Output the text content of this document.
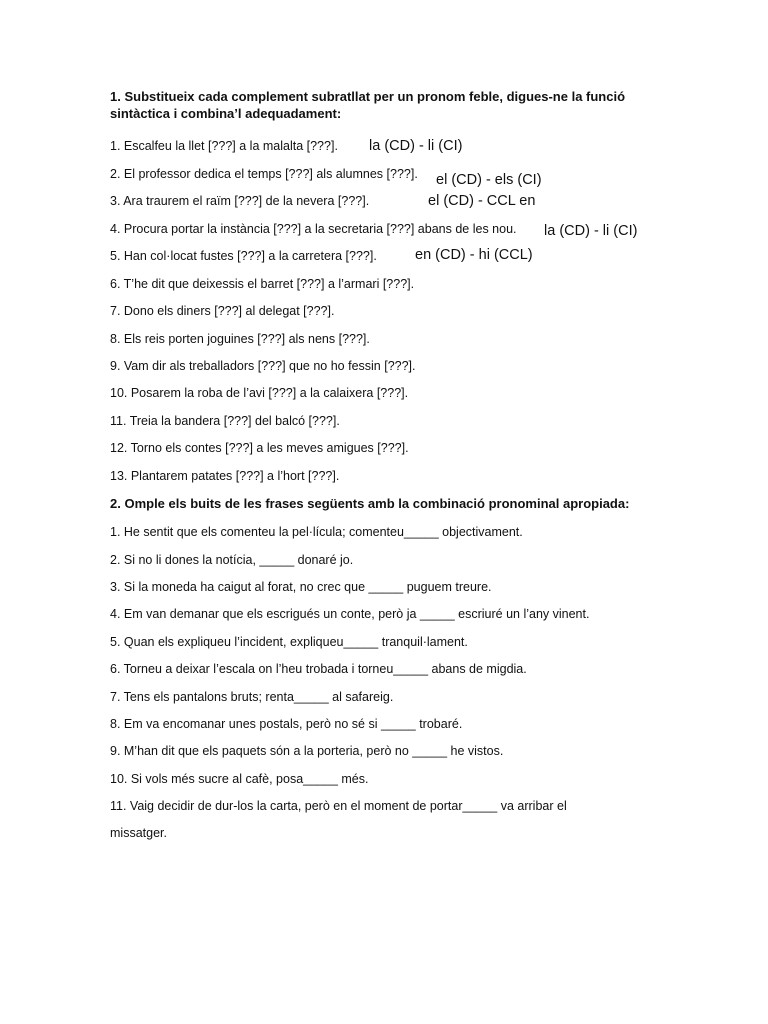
1. Substitueix cada complement subratllat per un pronom feble, digues-ne la funció sintàctica i combina’l adequadament:

1. Escalfeu la llet [???] a la malalta [???].
2. El professor dedica el temps [???] als alumnes [???].
3. Ara traurem el raïm [???] de la nevera [???].
4. Procura portar la instància [???] a la secretaria [???] abans de les nou.
5. Han col·locat fustes [???] a la carretera [???].
6. T’he dit que deixessis el barret [???] a l’armari [???].
7. Dono els diners [???] al delegat [???].
8. Els reis porten joguines [???] als nens [???].
9. Vam dir als treballadors [???] que no ho fessin [???].
10. Posarem la roba de l’avi [???] a la calaixera [???].
11. Treia la bandera [???] del balcó [???].
12. Torno els contes [???] a les meves amigues [???].
13. Plantarem patates [???] a l’hort [???].
la (CD) - li (CI)
el (CD) - els (CI)
el (CD) - CCL en
la (CD) - li (CI)
en (CD) - hi (CCL)

2. Omple els buits de les frases següents amb la combinació pronominal apropiada:

1. He sentit que els comenteu la pel·lícula; comenteu_____ objectivament.
2. Si no li dones la notícia, _____ donaré jo.
3. Si la moneda ha caigut al forat, no crec que _____ puguem treure.
4. Em van demanar que els escrigués un conte, però ja _____ escriuré un l’any vinent.
5. Quan els expliqueu l’incident, expliqueu_____ tranquil·lament.
6. Torneu a deixar l’escala on l’heu trobada i torneu_____ abans de migdia.
7. Tens els pantalons bruts; renta_____ al safareig.
8. Em va encomanar unes postals, però no sé si _____ trobaré.
9. M’han dit que els paquets són a la porteria, però no _____ he vistos.
10. Si vols més sucre al cafè, posa_____ més.
11. Vaig decidir de dur-los la carta, però en el moment de portar_____ va arribar el
missatger.
